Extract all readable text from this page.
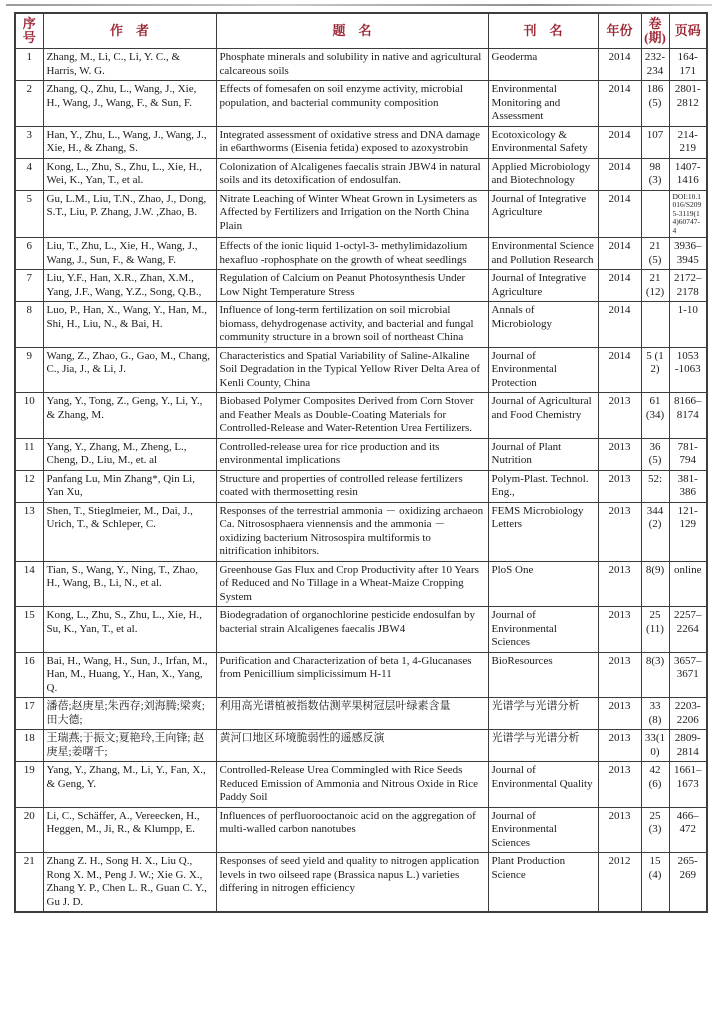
序号	作　者	题　名	刊　名	年份	卷(期)	页码
1	Zhang, M., Li, C., Li, Y. C., & Harris, W. G.	Phosphate minerals and solubility in native and agricultural calcareous soils	Geoderma	2014	232-234	164-171
2	Zhang, Q., Zhu, L., Wang, J., Xie, H., Wang, J., Wang, F., & Sun, F.	Effects of fomesafen on soil enzyme activity, microbial population, and bacterial community composition	Environmental Monitoring and Assessment	2014	186 (5)	2801-2812
3	Han, Y., Zhu, L., Wang, J., Wang, J., Xie, H., & Zhang, S.	Integrated assessment of oxidative stress and DNA damage in e6arthworms (Eisenia fetida) exposed to azoxystrobin	Ecotoxicology & Environmental Safety	2014	107	214-219
4	Kong, L., Zhu, S., Zhu, L., Xie, H., Wei, K., Yan, T., et al.	Colonization of Alcaligenes faecalis strain JBW4 in natural soils and its detoxification of endosulfan.	Applied Microbiology and Biotechnology	2014	98 (3)	1407-1416
5	Gu, L.M., Liu, T.N., Zhao, J., Dong, S.T., Liu, P. Zhang, J.W. ,Zhao, B.	Nitrate Leaching of Winter Wheat Grown in Lysimeters as Affected by Fertilizers and Irrigation on the North China Plain	Journal of Integrative Agriculture	2014		DOI:10.1016/S2095-3119(14)60747-4
6	Liu, T., Zhu, L., Xie, H., Wang, J., Wang, J., Sun, F., & Wang, F.	Effects of the ionic liquid 1-octyl-3- methylimidazolium hexafluo -rophosphate on the growth of wheat seedlings	Environmental Science and Pollution Research	2014	21 (5)	3936–3945
7	Liu, Y.F., Han, X.R., Zhan, X.M., Yang, J.F., Wang, Y.Z., Song, Q.B.,	Regulation of Calcium on Peanut Photosynthesis Under Low Night Temperature Stress	Journal of Integrative Agriculture	2014	21 (12)	2172–2178
8	Luo, P., Han, X., Wang, Y., Han, M., Shi, H., Liu, N., & Bai, H.	Influence of long-term fertilization on soil microbial biomass, dehydrogenase activity, and bacterial and fungal community structure in a brown soil of northeast China	Annals of Microbiology	2014		1-10
9	Wang, Z., Zhao, G., Gao, M., Chang, C., Jia, J., & Li, J.	Characteristics and Spatial Variability of Saline-Alkaline Soil Degradation in the Typical Yellow River Delta Area of Kenli County, China	Journal of Environmental Protection	2014	5 (12)	1053 -1063
10	Yang, Y., Tong, Z., Geng, Y., Li, Y., & Zhang, M.	Biobased Polymer Composites Derived from Corn Stover and Feather Meals as Double-Coating Materials for Controlled-Release and Water-Retention Urea Fertilizers.	Journal of Agricultural and Food Chemistry	2013	61 (34)	8166–8174
11	Yang, Y., Zhang, M., Zheng, L., Cheng, D., Liu, M., et. al	Controlled-release urea for rice production and its environmental implications	Journal of Plant Nutrition	2013	36 (5)	781-794
12	Panfang Lu, Min Zhang*, Qin Li, Yan Xu,	Structure and properties of controlled release fertilizers coated with thermosetting resin	Polym-Plast. Technol. Eng.,	2013	52:	381-386
13	Shen, T., Stieglmeier, M., Dai, J., Urich, T., & Schleper, C.	Responses of the terrestrial ammonia － oxidizing archaeon Ca. Nitrososphaera viennensis and the ammonia － oxidizing bacterium Nitrosospira multiformis to nitrification inhibitors.	FEMS Microbiology Letters	2013	344 (2)	121-129
14	Tian, S., Wang, Y., Ning, T., Zhao, H., Wang, B., Li, N., et al.	Greenhouse Gas Flux and Crop Productivity after 10 Years of Reduced and No Tillage in a Wheat-Maize Cropping System	PloS One	2013	8(9)	online
15	Kong, L., Zhu, S., Zhu, L., Xie, H., Su, K., Yan, T., et al.	Biodegradation of organochlorine pesticide endosulfan by bacterial strain Alcaligenes faecalis JBW4	Journal of Environmental Sciences	2013	25 (11)	2257–2264
16	Bai, H., Wang, H., Sun, J., Irfan, M., Han, M., Huang, Y., Han, X., Yang, Q.	Purification and Characterization of beta 1, 4-Glucanases from Penicillium simplicissimum H-11	BioResources	2013	8(3)	3657–3671
17	潘蓓;赵庚星;朱西存;刘海腾;梁爽;田大德;	利用高光谱植被指数估测苹果树冠层叶绿素含量	光谱学与光谱分析	2013	33(8)	2203-2206
18	王瑞燕;于振文;夏艳玲,王向锋; 赵庚星;姜曙千;	黄河口地区环境脆弱性的遥感反演	光谱学与光谱分析	2013	33(10)	2809-2814
19	Yang, Y., Zhang, M., Li, Y., Fan, X., & Geng, Y.	Controlled-Release Urea Commingled with Rice Seeds Reduced Emission of Ammonia and Nitrous Oxide in Rice Paddy Soil	Journal of Environmental Quality	2013	42 (6)	1661–1673
20	Li, C., Schäffer, A., Vereecken, H., Heggen, M., Ji, R., & Klumpp, E.	Influences of perfluorooctanoic acid on the aggregation of multi-walled carbon nanotubes	Journal of Environmental Sciences	2013	25 (3)	466–472
21	Zhang Z. H., Song H. X., Liu Q., Rong X. M., Peng J. W.; Xie G. X., Zhang Y. P., Chen L. R., Guan C. Y., Gu J. D.	Responses of seed yield and quality to nitrogen application levels in two oilseed rape (Brassica napus L.) varieties differing in nitrogen efficiency	Plant Production Science	2012	15 (4)	265-269
